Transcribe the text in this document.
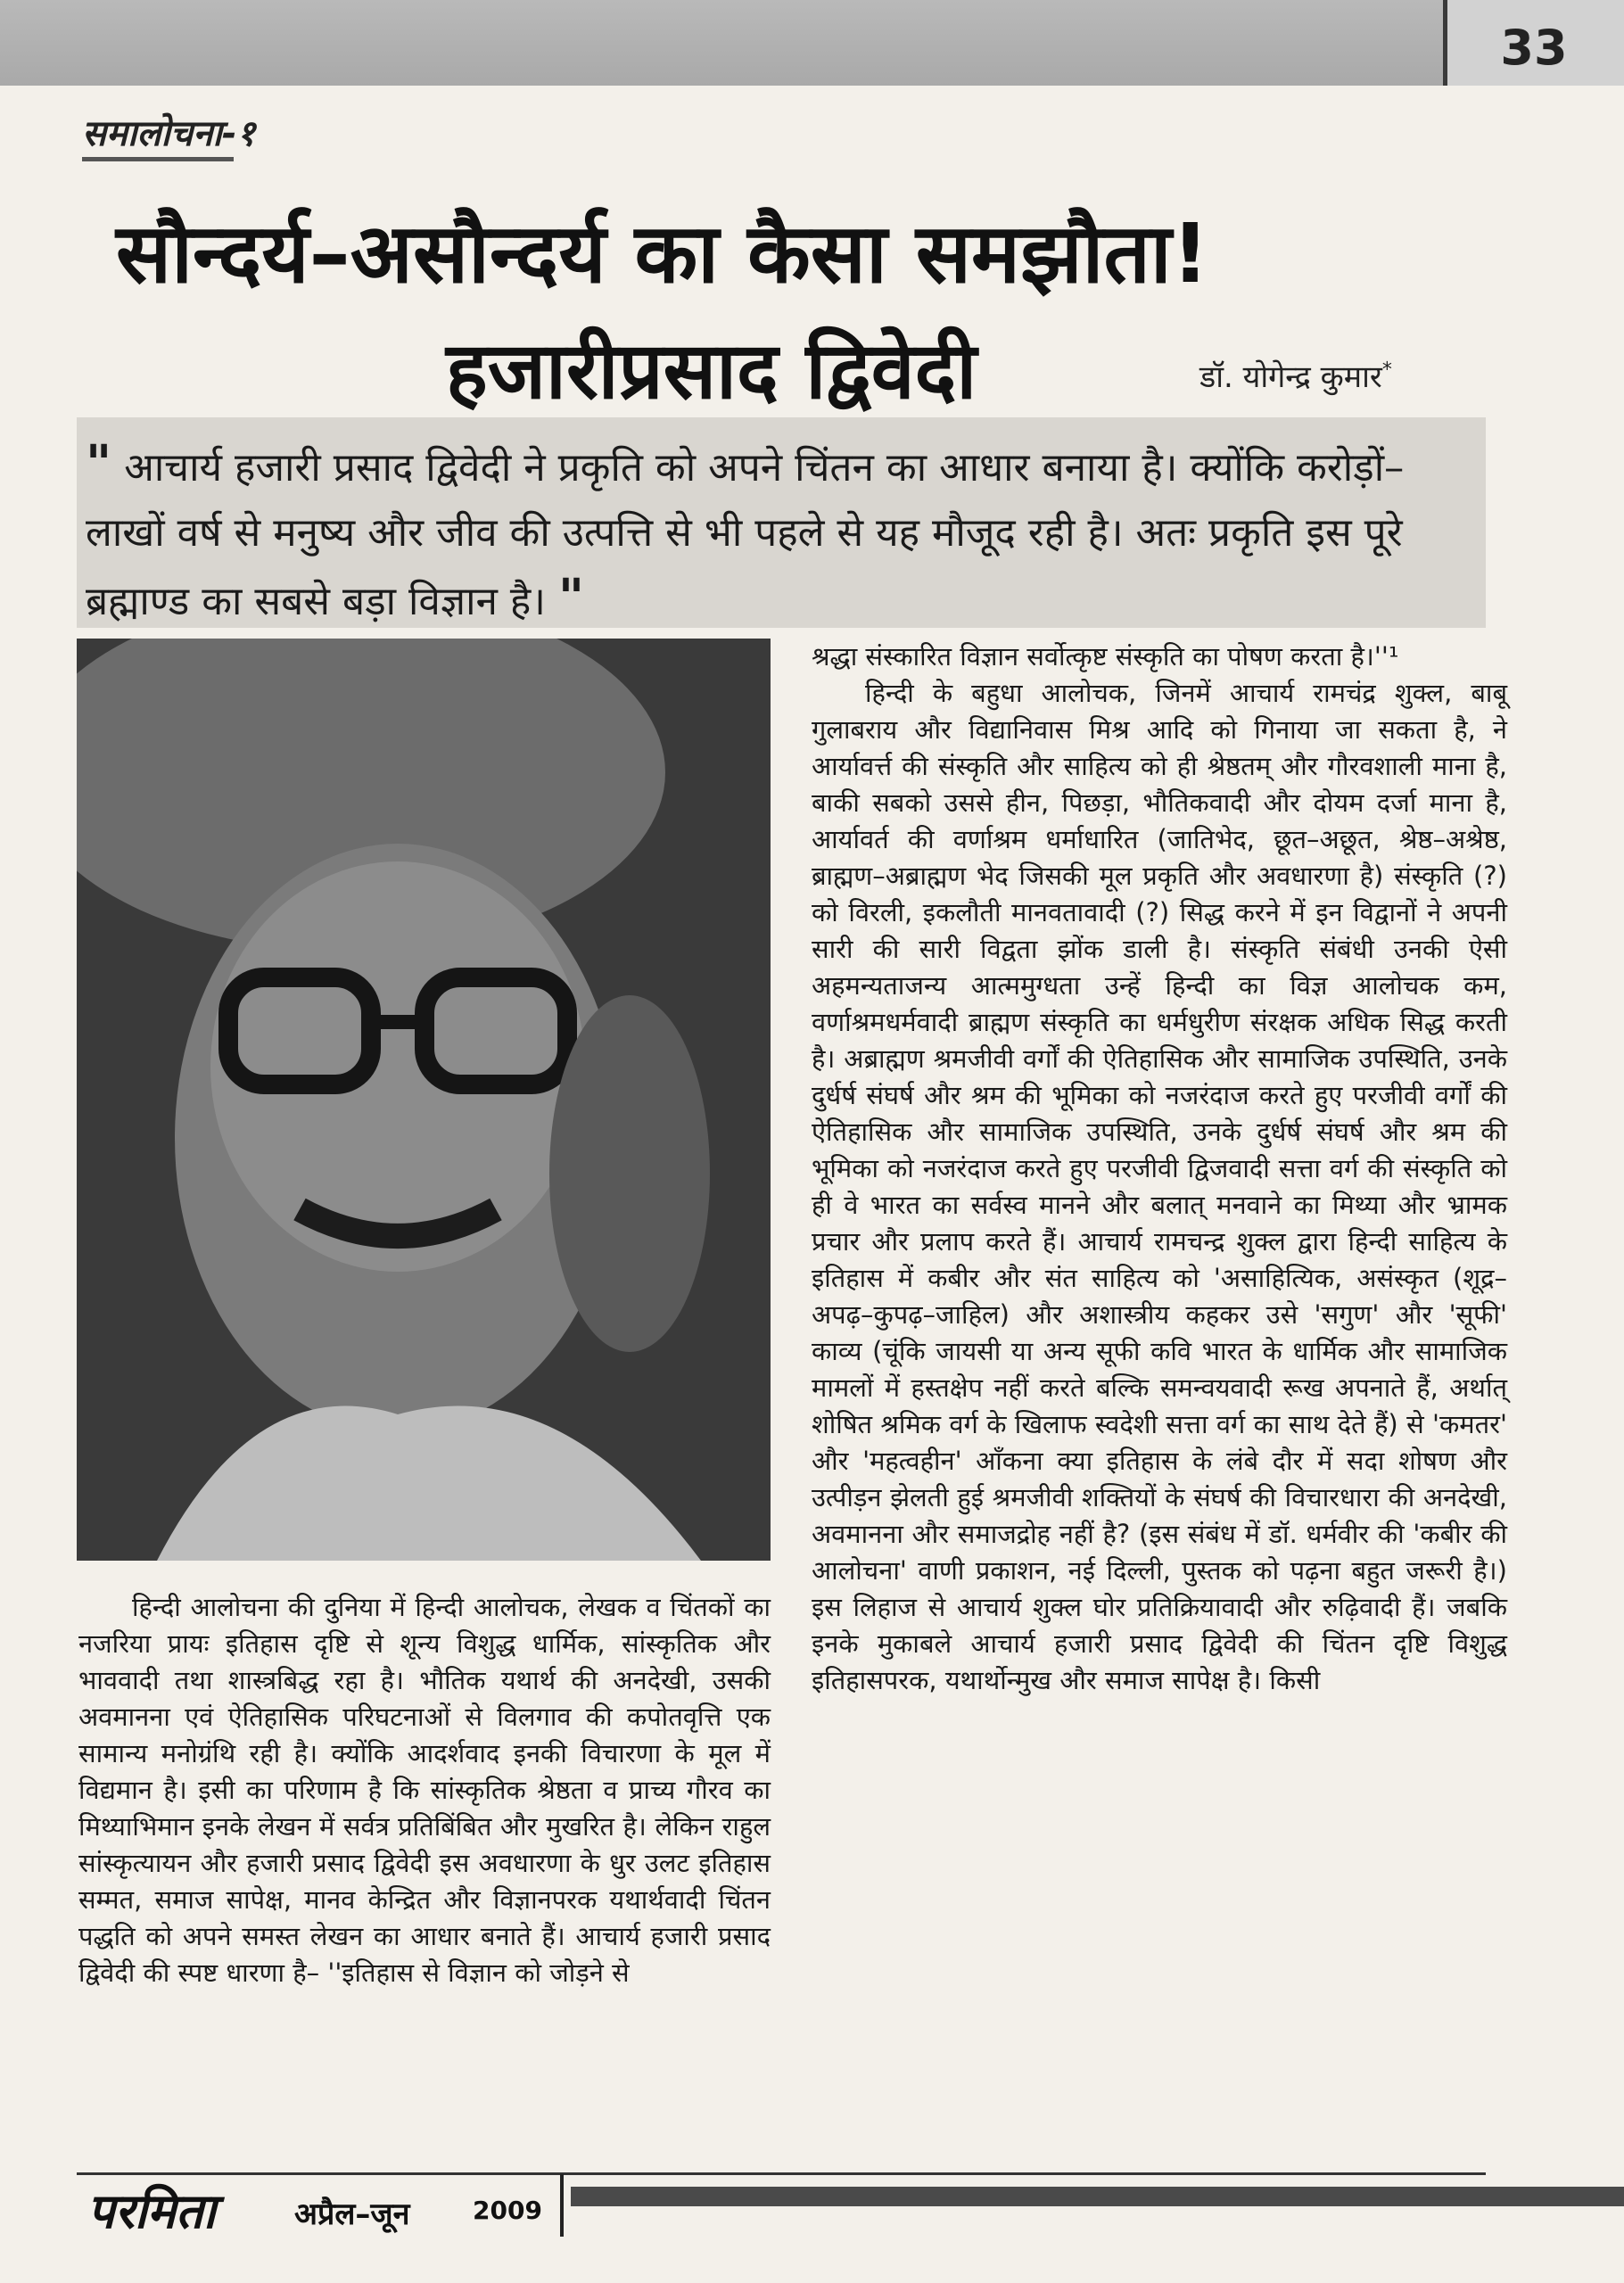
33
समालोचना-१
सौन्दर्य–असौन्दर्य का कैसा समझौता!
हजारीप्रसाद द्विवेदी	डॉ. योगेन्द्र कुमार*
" आचार्य हजारी प्रसाद द्विवेदी ने प्रकृति को अपने चिंतन का आधार बनाया है। क्योंकि करोड़ों–लाखों वर्ष से मनुष्य और जीव की उत्पत्ति से भी पहले से यह मौजूद रही है। अतः प्रकृति इस पूरे ब्रह्माण्ड का सबसे बड़ा विज्ञान है। "

हिन्दी आलोचना की दुनिया में हिन्दी आलोचक, लेखक व चिंतकों का नजरिया प्रायः इतिहास दृष्टि से शून्य विशुद्ध धार्मिक, सांस्कृतिक और भाववादी तथा शास्त्रबिद्ध रहा है। भौतिक यथार्थ की अनदेखी, उसकी अवमानना एवं ऐतिहासिक परिघटनाओं से विलगाव की कपोतवृत्ति एक सामान्य मनोग्रंथि रही है। क्योंकि आदर्शवाद इनकी विचारणा के मूल में विद्यमान है। इसी का परिणाम है कि सांस्कृतिक श्रेष्ठता व प्राच्य गौरव का मिथ्याभिमान इनके लेखन में सर्वत्र प्रतिबिंबित और मुखरित है। लेकिन राहुल सांस्कृत्यायन और हजारी प्रसाद द्विवेदी इस अवधारणा के धुर उलट इतिहास सम्मत, समाज सापेक्ष, मानव केन्द्रित और विज्ञानपरक यथार्थवादी चिंतन पद्धति को अपने समस्त लेखन का आधार बनाते हैं। आचार्य हजारी प्रसाद द्विवेदी की स्पष्ट धारणा है– ''इतिहास से विज्ञान को जोड़ने से

श्रद्धा संस्कारित विज्ञान सर्वोत्कृष्ट संस्कृति का पोषण करता है।''¹

हिन्दी के बहुधा आलोचक, जिनमें आचार्य रामचंद्र शुक्ल, बाबू गुलाबराय और विद्यानिवास मिश्र आदि को गिनाया जा सकता है, ने आर्यावर्त्त की संस्कृति और साहित्य को ही श्रेष्ठतम् और गौरवशाली माना है, बाकी सबको उससे हीन, पिछड़ा, भौतिकवादी और दोयम दर्जा माना है, आर्यावर्त की वर्णाश्रम धर्माधारित (जातिभेद, छूत–अछूत, श्रेष्ठ–अश्रेष्ठ, ब्राह्मण–अब्राह्मण भेद जिसकी मूल प्रकृति और अवधारणा है) संस्कृति (?) को विरली, इकलौती मानवतावादी (?) सिद्ध करने में इन विद्वानों ने अपनी सारी की सारी विद्वता झोंक डाली है। संस्कृति संबंधी उनकी ऐसी अहमन्यताजन्य आत्ममुग्धता उन्हें हिन्दी का विज्ञ आलोचक कम, वर्णाश्रमधर्मवादी ब्राह्मण संस्कृति का धर्मधुरीण संरक्षक अधिक सिद्ध करती है। अब्राह्मण श्रमजीवी वर्गों की ऐतिहासिक और सामाजिक उपस्थिति, उनके दुर्धर्ष संघर्ष और श्रम की भूमिका को नजरंदाज करते हुए परजीवी वर्गों की ऐतिहासिक और सामाजिक उपस्थिति, उनके दुर्धर्ष संघर्ष और श्रम की भूमिका को नजरंदाज करते हुए परजीवी द्विजवादी सत्ता वर्ग की संस्कृति को ही वे भारत का सर्वस्व मानने और बलात् मनवाने का मिथ्या और भ्रामक प्रचार और प्रलाप करते हैं। आचार्य रामचन्द्र शुक्ल द्वारा हिन्दी साहित्य के इतिहास में कबीर और संत साहित्य को 'असाहित्यिक, असंस्कृत (शूद्र–अपढ़–कुपढ़–जाहिल) और अशास्त्रीय कहकर उसे 'सगुण' और 'सूफी' काव्य (चूंकि जायसी या अन्य सूफी कवि भारत के धार्मिक और सामाजिक मामलों में हस्तक्षेप नहीं करते बल्कि समन्वयवादी रूख अपनाते हैं, अर्थात् शोषित श्रमिक वर्ग के खिलाफ स्वदेशी सत्ता वर्ग का साथ देते हैं) से 'कमतर' और 'महत्वहीन' आँकना क्या इतिहास के लंबे दौर में सदा शोषण और उत्पीड़न झेलती हुई श्रमजीवी शक्तियों के संघर्ष की विचारधारा की अनदेखी, अवमानना और समाजद्रोह नहीं है? (इस संबंध में डॉ. धर्मवीर की 'कबीर की आलोचना' वाणी प्रकाशन, नई दिल्ली, पुस्तक को पढ़ना बहुत जरूरी है।) इस लिहाज से आचार्य शुक्ल घोर प्रतिक्रियावादी और रुढ़िवादी हैं। जबकि इनके मुकाबले आचार्य हजारी प्रसाद द्विवेदी की चिंतन दृष्टि विशुद्ध इतिहासपरक, यथार्थोन्मुख और समाज सापेक्ष है। किसी

परमिता	अप्रैल–जून	2009
